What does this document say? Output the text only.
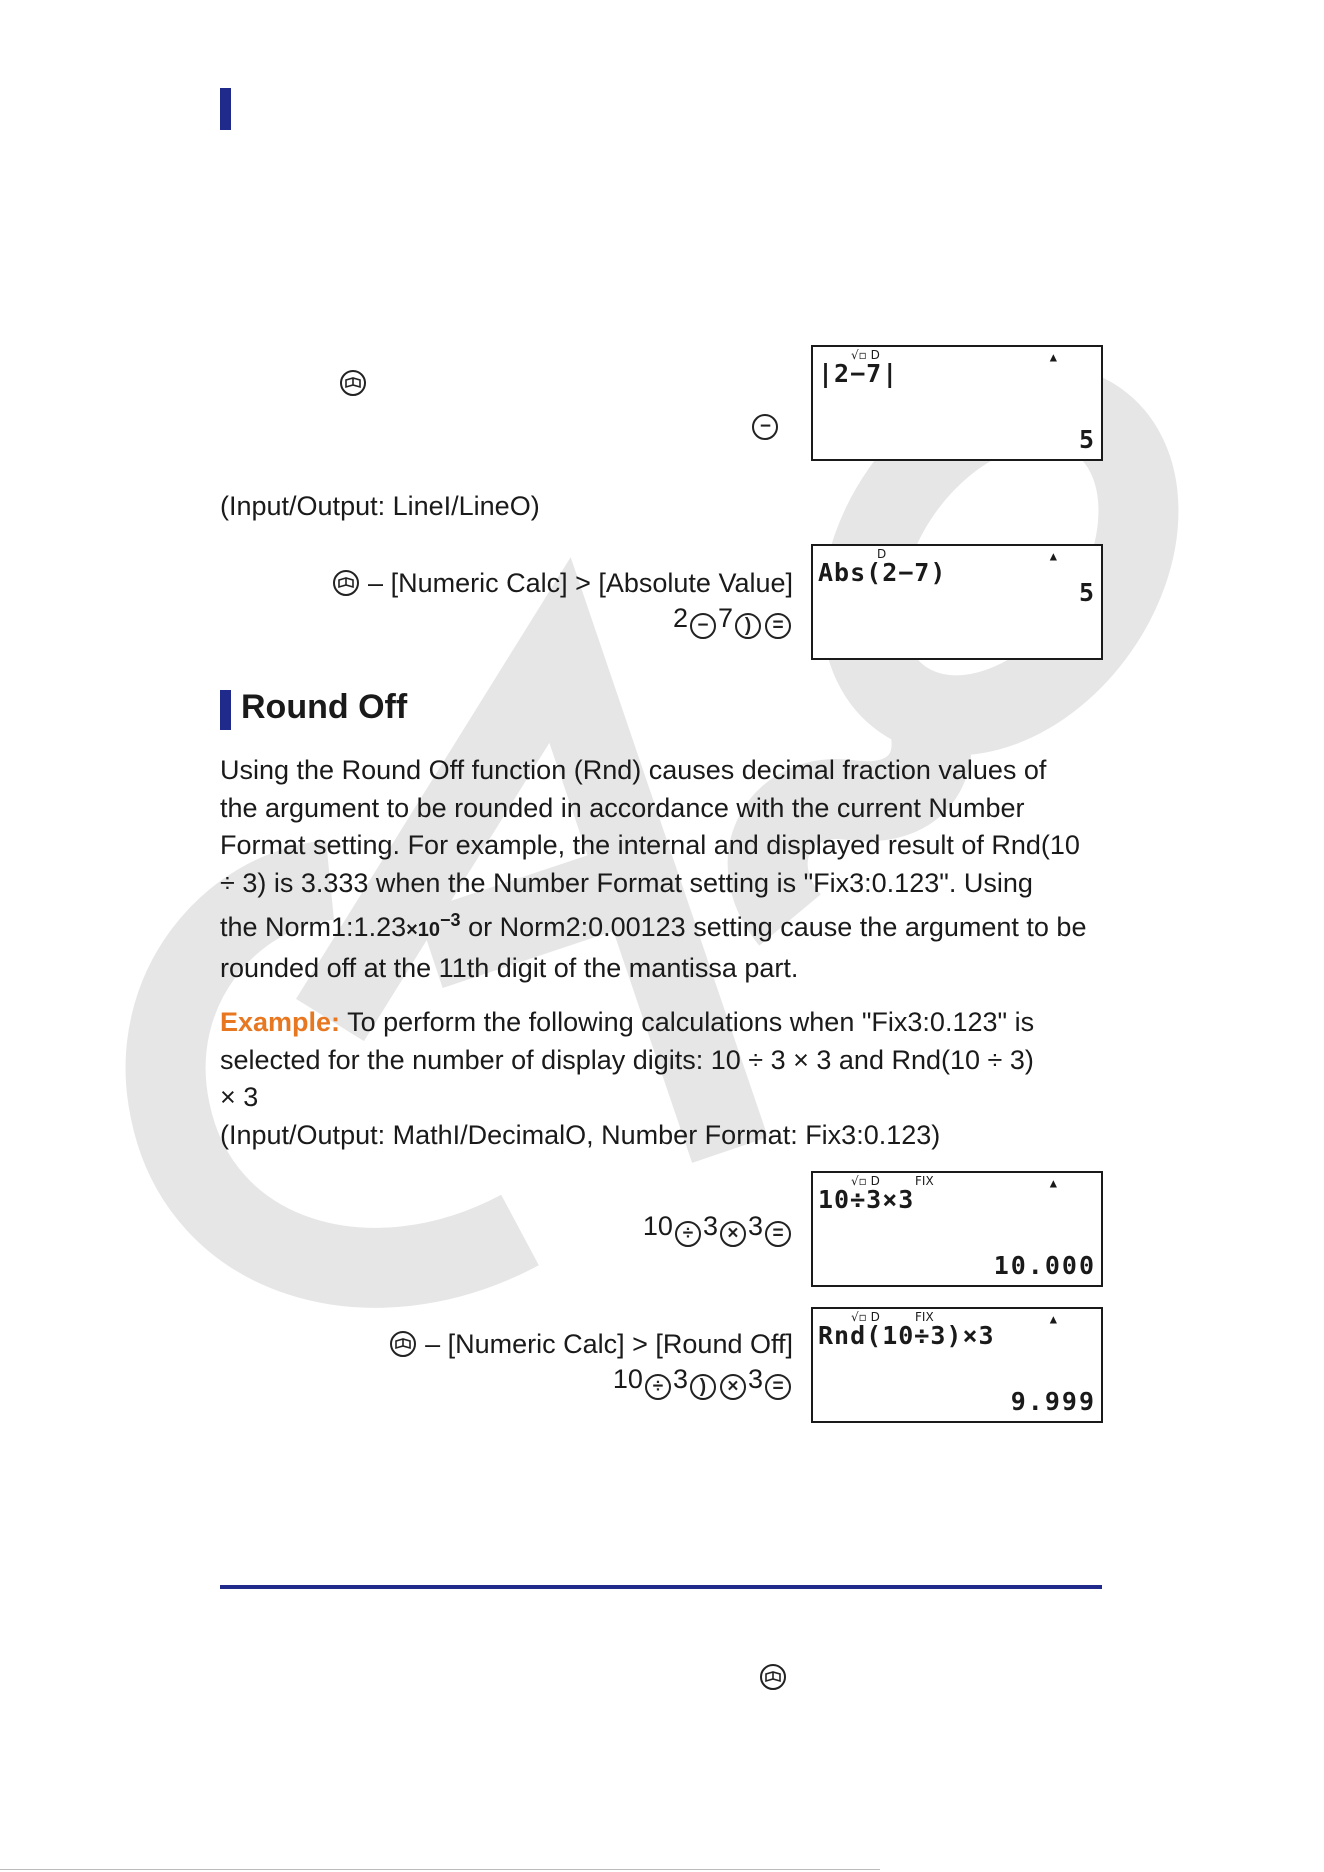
−
√▫ D	▲
|2−7|
5
(Input/Output: LineI/LineO)
– [Numeric Calc] > [Absolute Value]
2 − 7 ) =
D	▲
Abs(2−7)
5
Round Off
Using the Round Off function (Rnd) causes decimal fraction values of
the argument to be rounded in accordance with the current Number
Format setting. For example, the internal and displayed result of Rnd(10
÷ 3) is 3.333 when the Number Format setting is "Fix3:0.123". Using
the $Norm1:1.23\times 10^{-3}$ or Norm2:0.00123 setting cause the argument to be
rounded off at the 11th digit of the mantissa part.
Example: To perform the following calculations when "Fix3:0.123" is
selected for the number of display digits: 10 ÷ 3 × 3 and Rnd(10 ÷ 3)
× 3
(Input/Output: MathI/DecimalO, Number Format: Fix3:0.123)
10 ÷ 3 × 3 =
√▫ D	FIX	▲
10÷3×3
10.000
– [Numeric Calc] > [Round Off]
10 ÷ 3 ) × 3 =
√▫ D	FIX	▲
Rnd(10÷3)×3
9.999
